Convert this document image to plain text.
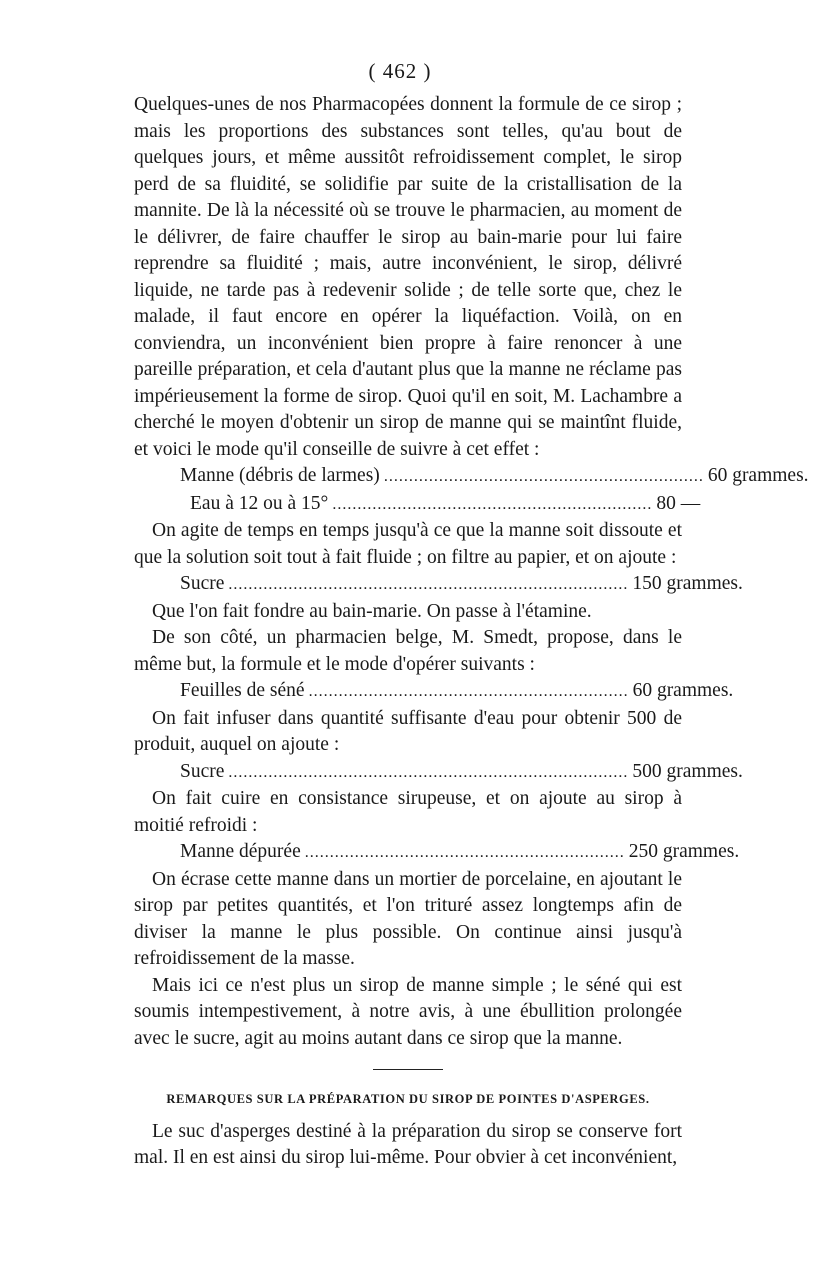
( 462 )

Quelques-unes de nos Pharmacopées donnent la formule de ce sirop ; mais les proportions des substances sont telles, qu'au bout de quelques jours, et même aussitôt refroidissement complet, le sirop perd de sa fluidité, se solidifie par suite de la cristallisation de la mannite. De là la nécessité où se trouve le pharmacien, au moment de le délivrer, de faire chauffer le sirop au bain-marie pour lui faire reprendre sa fluidité ; mais, autre inconvénient, le sirop, délivré liquide, ne tarde pas à redevenir solide ; de telle sorte que, chez le malade, il faut encore en opérer la liquéfaction. Voilà, on en conviendra, un inconvénient bien propre à faire renoncer à une pareille préparation, et cela d'autant plus que la manne ne réclame pas impérieusement la forme de sirop. Quoi qu'il en soit, M. Lachambre a cherché le moyen d'obtenir un sirop de manne qui se maintînt fluide, et voici le mode qu'il conseille de suivre à cet effet :

Manne (débris de larmes) ................................................................ 60 grammes.
Eau à 12 ou à 15° ................................................................ 80 —

On agite de temps en temps jusqu'à ce que la manne soit dissoute et que la solution soit tout à fait fluide ; on filtre au papier, et on ajoute :

Sucre ................................................................................ 150 grammes.

Que l'on fait fondre au bain-marie. On passe à l'étamine.

De son côté, un pharmacien belge, M. Smedt, propose, dans le même but, la formule et le mode d'opérer suivants :

Feuilles de séné ................................................................ 60 grammes.

On fait infuser dans quantité suffisante d'eau pour obtenir 500 de produit, auquel on ajoute :

Sucre ................................................................................ 500 grammes.

On fait cuire en consistance sirupeuse, et on ajoute au sirop à moitié refroidi :

Manne dépurée ................................................................ 250 grammes.

On écrase cette manne dans un mortier de porcelaine, en ajoutant le sirop par petites quantités, et l'on trituré assez longtemps afin de diviser la manne le plus possible. On continue ainsi jusqu'à refroidissement de la masse.

Mais ici ce n'est plus un sirop de manne simple ; le séné qui est soumis intempestivement, à notre avis, à une ébullition prolongée avec le sucre, agit au moins autant dans ce sirop que la manne.

REMARQUES SUR LA PRÉPARATION DU SIROP DE POINTES D'ASPERGES.

Le suc d'asperges destiné à la préparation du sirop se conserve fort mal. Il en est ainsi du sirop lui-même. Pour obvier à cet inconvénient,
